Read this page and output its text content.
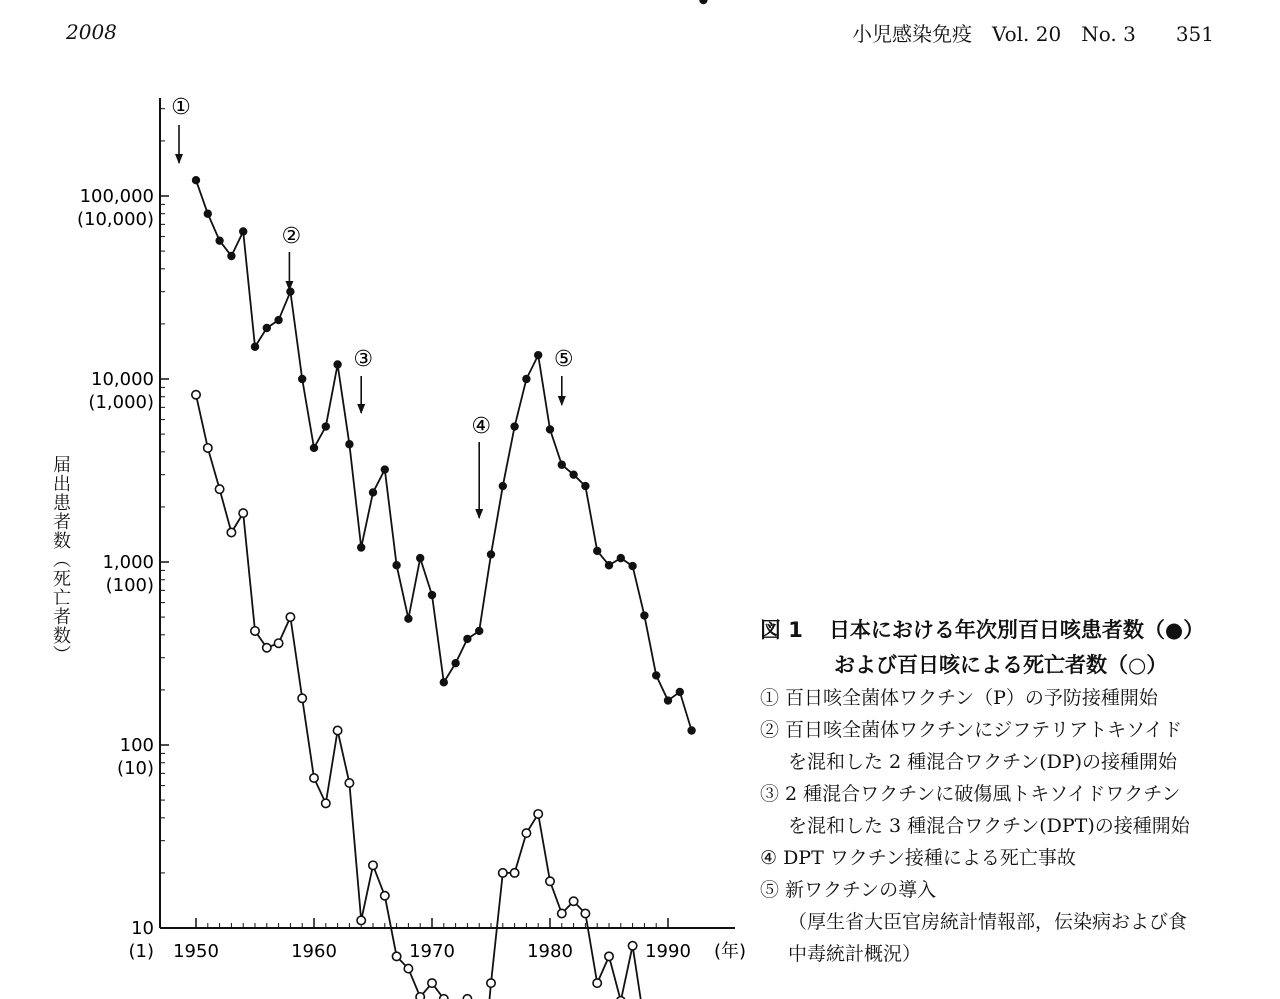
2008	小児感染免疫　Vol. 20　No. 3　　351
届出患者数（死亡者数）
100,000
(10,000)
10,000
(1,000)
1,000
(100)
100
(10)
10
(1) 1950	1960	1970	1980	1990 (年)
①
②
③
④
⑤
図 1 日本における年次別百日咳患者数（●）
および百日咳による死亡者数（○）
① 百日咳全菌体ワクチン（P）の予防接種開始
② 百日咳全菌体ワクチンにジフテリアトキソイド
を混和した 2 種混合ワクチン(DP)の接種開始
③ 2 種混合ワクチンに破傷風トキソイドワクチン
を混和した 3 種混合ワクチン(DPT)の接種開始
④ DPT ワクチン接種による死亡事故
⑤ 新ワクチンの導入
（厚生省大臣官房統計情報部，伝染病および食
中毒統計概況）
